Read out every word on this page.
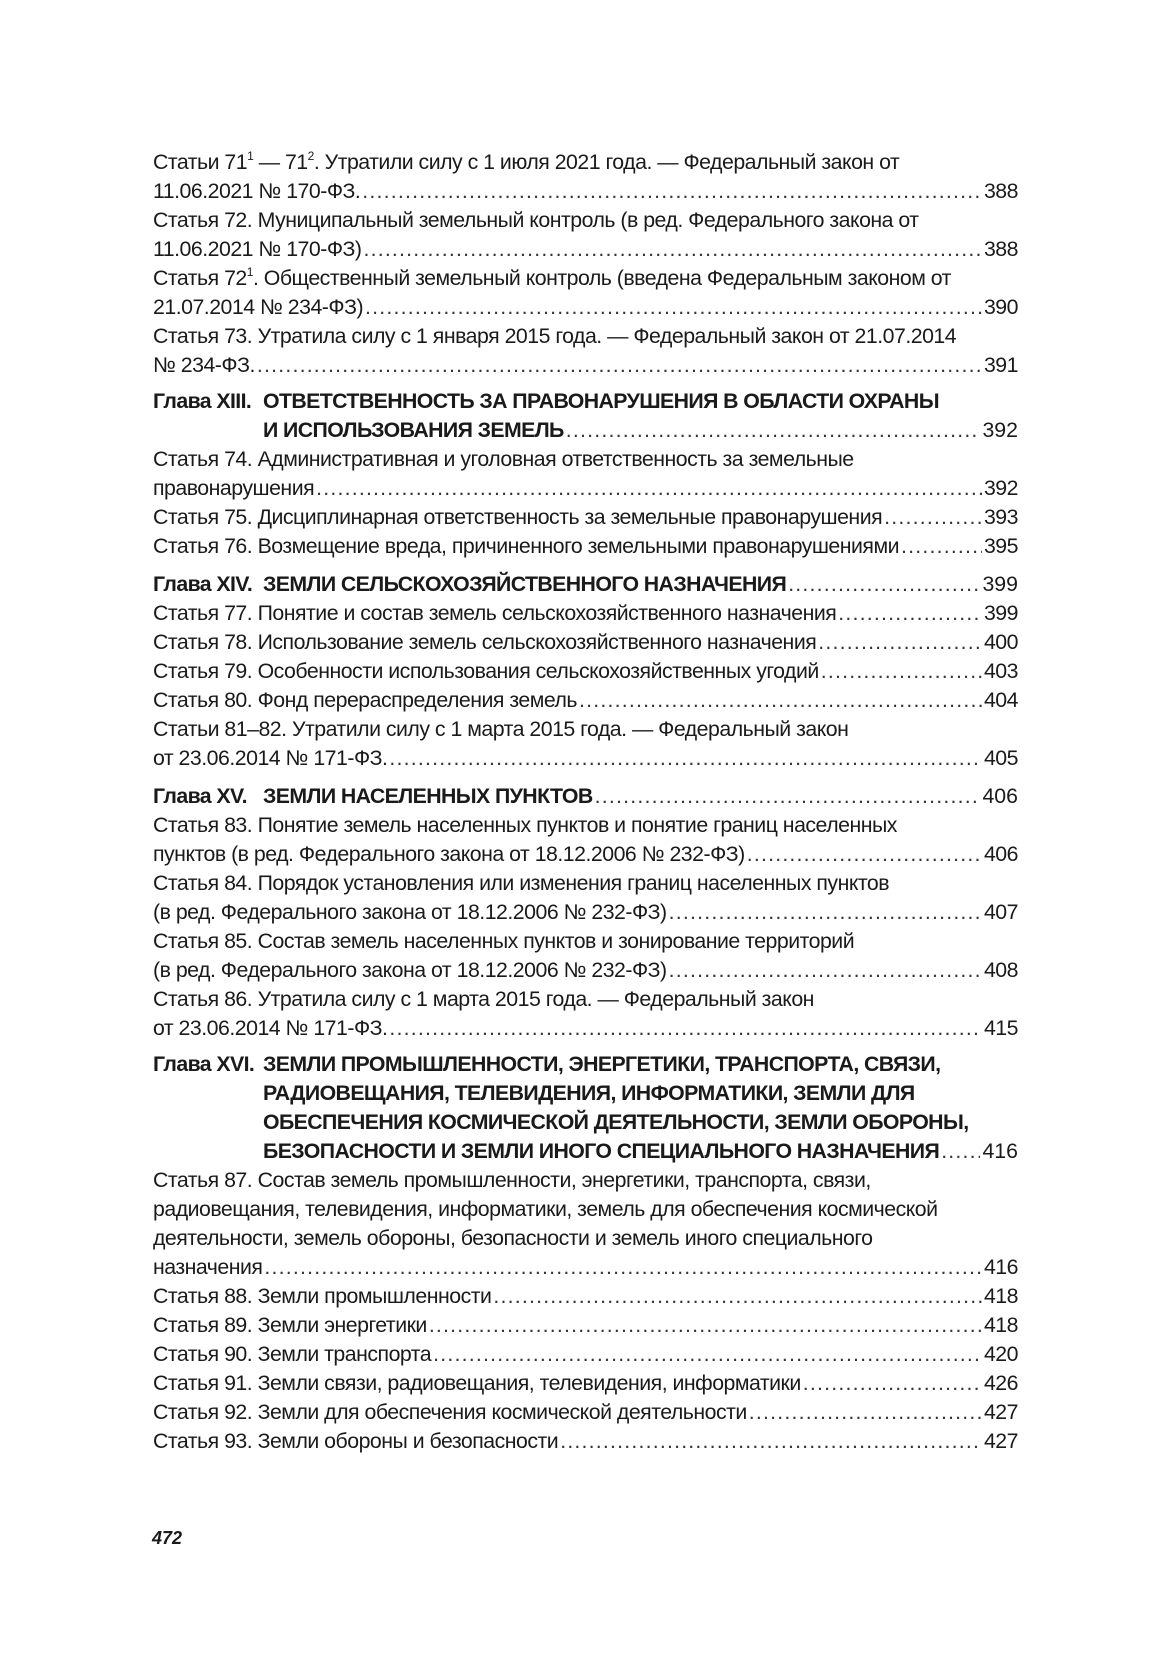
Статьи $71^1$ — $71^2$. Утратили силу с 1 июля 2021 года. — Федеральный закон от
11.06.2021 № 170-ФЗ. .....	388
Статья 72. Муниципальный земельный контроль (в ред. Федерального закона от
11.06.2021 № 170-ФЗ) .....	388
Статья $72^1$. Общественный земельный контроль (введена Федеральным законом от
21.07.2014 № 234-ФЗ) .....	390
Статья 73. Утратила силу с 1 января 2015 года. — Федеральный закон от 21.07.2014
№ 234-ФЗ. .....	391
Глава XIII. ОТВЕТСТВЕННОСТЬ ЗА ПРАВОНАРУШЕНИЯ В ОБЛАСТИ ОХРАНЫ
И ИСПОЛЬЗОВАНИЯ ЗЕМЕЛЬ .....	392
Статья 74. Административная и уголовная ответственность за земельные
правонарушения .....	392
Статья 75. Дисциплинарная ответственность за земельные правонарушения .....	393
Статья 76. Возмещение вреда, причиненного земельными правонарушениями .....	395
Глава XIV. ЗЕМЛИ СЕЛЬСКОХОЗЯЙСТВЕННОГО НАЗНАЧЕНИЯ .....	399
Статья 77. Понятие и состав земель сельскохозяйственного назначения .....	399
Статья 78. Использование земель сельскохозяйственного назначения .....	400
Статья 79. Особенности использования сельскохозяйственных угодий .....	403
Статья 80. Фонд перераспределения земель .....	404
Статьи 81–82. Утратили силу с 1 марта 2015 года. — Федеральный закон
от 23.06.2014 № 171-ФЗ. .....	405
Глава XV. ЗЕМЛИ НАСЕЛЕННЫХ ПУНКТОВ .....	406
Статья 83. Понятие земель населенных пунктов и понятие границ населенных
пунктов (в ред. Федерального закона от 18.12.2006 № 232-ФЗ) .....	406
Статья 84. Порядок установления или изменения границ населенных пунктов
(в ред. Федерального закона от 18.12.2006 № 232-ФЗ) .....	407
Статья 85. Состав земель населенных пунктов и зонирование территорий
(в ред. Федерального закона от 18.12.2006 № 232-ФЗ) .....	408
Статья 86. Утратила силу с 1 марта 2015 года. — Федеральный закон
от 23.06.2014 № 171-ФЗ. .....	415
Глава XVI. ЗЕМЛИ ПРОМЫШЛЕННОСТИ, ЭНЕРГЕТИКИ, ТРАНСПОРТА, СВЯЗИ,
РАДИОВЕЩАНИЯ, ТЕЛЕВИДЕНИЯ, ИНФОРМАТИКИ, ЗЕМЛИ ДЛЯ
ОБЕСПЕЧЕНИЯ КОСМИЧЕСКОЙ ДЕЯТЕЛЬНОСТИ, ЗЕМЛИ ОБОРОНЫ,
БЕЗОПАСНОСТИ И ЗЕМЛИ ИНОГО СПЕЦИАЛЬНОГО НАЗНАЧЕНИЯ ..... 416
Статья 87. Состав земель промышленности, энергетики, транспорта, связи,
радиовещания, телевидения, информатики, земель для обеспечения космической
деятельности, земель обороны, безопасности и земель иного специального
назначения .....	416
Статья 88. Земли промышленности .....	418
Статья 89. Земли энергетики .....	418
Статья 90. Земли транспорта .....	420
Статья 91. Земли связи, радиовещания, телевидения, информатики .....	426
Статья 92. Земли для обеспечения космической деятельности .....	427
Статья 93. Земли обороны и безопасности .....	427
472
